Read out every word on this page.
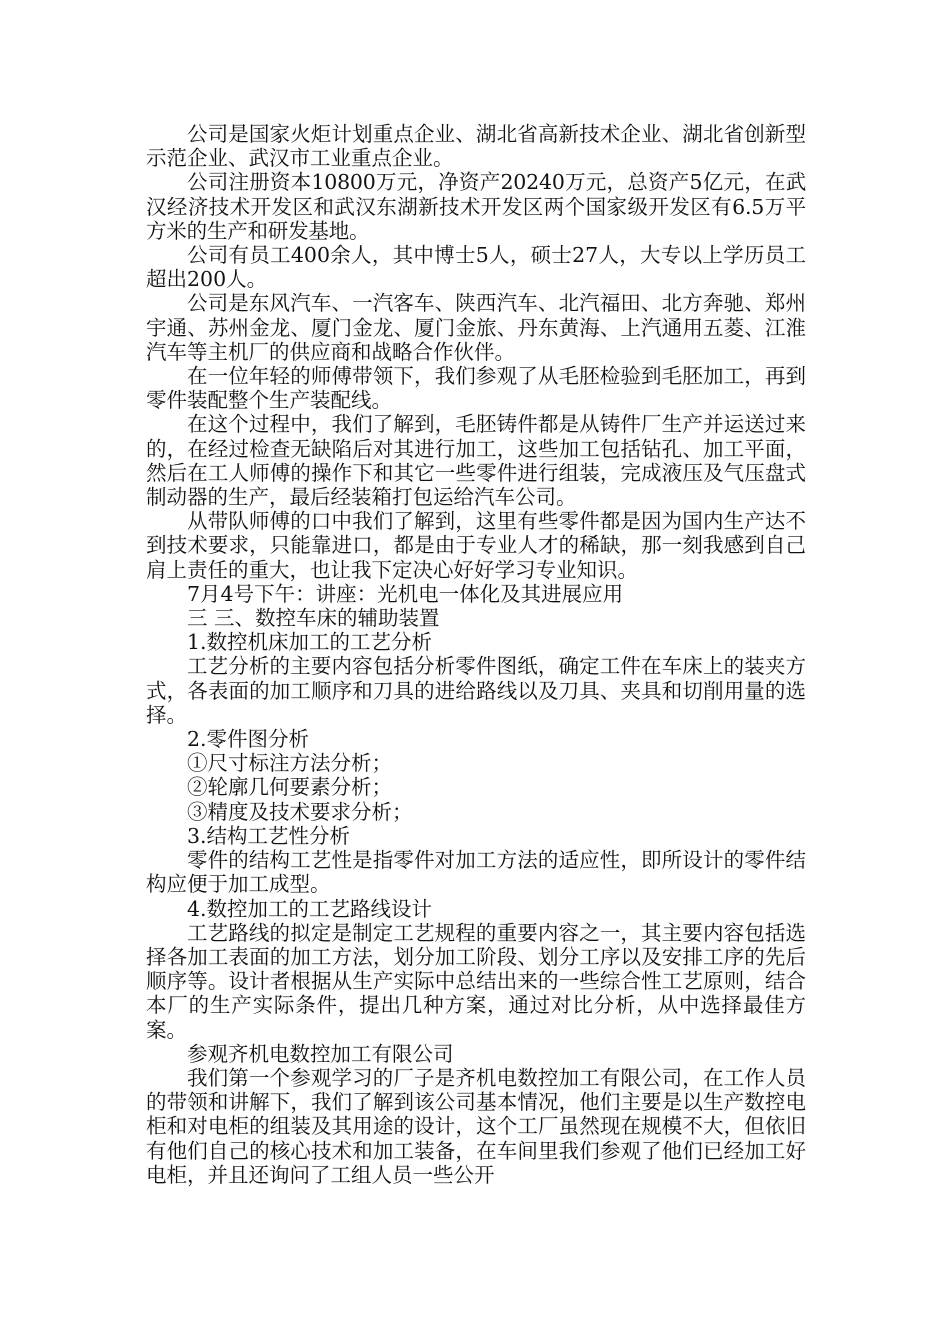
公司是国家火炬计划重点企业、湖北省高新技术企业、湖北省创新型示范企业、武汉市工业重点企业。

公司注册资本10800万元，净资产20240万元，总资产5亿元，在武汉经济技术开发区和武汉东湖新技术开发区两个国家级开发区有6.5万平方米的生产和研发基地。

公司有员工400余人，其中博士5人，硕士27人，大专以上学历员工超出200人。

公司是东风汽车、一汽客车、陕西汽车、北汽福田、北方奔驰、郑州宇通、苏州金龙、厦门金龙、厦门金旅、丹东黄海、上汽通用五菱、江淮汽车等主机厂的供应商和战略合作伙伴。

在一位年轻的师傅带领下，我们参观了从毛胚检验到毛胚加工，再到零件装配整个生产装配线。

在这个过程中，我们了解到，毛胚铸件都是从铸件厂生产并运送过来的，在经过检查无缺陷后对其进行加工，这些加工包括钻孔、加工平面，然后在工人师傅的操作下和其它一些零件进行组装，完成液压及气压盘式制动器的生产，最后经装箱打包运给汽车公司。

从带队师傅的口中我们了解到，这里有些零件都是因为国内生产达不到技术要求，只能靠进口，都是由于专业人才的稀缺，那一刻我感到自己肩上责任的重大，也让我下定决心好好学习专业知识。

7月4号下午：讲座：光机电一体化及其进展应用

三 三、数控车床的辅助装置

1.数控机床加工的工艺分析

工艺分析的主要内容包括分析零件图纸，确定工件在车床上的装夹方式，各表面的加工顺序和刀具的进给路线以及刀具、夹具和切削用量的选择。

2.零件图分析

①尺寸标注方法分析；

②轮廓几何要素分析；

③精度及技术要求分析；

3.结构工艺性分析

零件的结构工艺性是指零件对加工方法的适应性，即所设计的零件结构应便于加工成型。

4.数控加工的工艺路线设计

工艺路线的拟定是制定工艺规程的重要内容之一，其主要内容包括选择各加工表面的加工方法，划分加工阶段、划分工序以及安排工序的先后顺序等。设计者根据从生产实际中总结出来的一些综合性工艺原则，结合本厂的生产实际条件，提出几种方案，通过对比分析，从中选择最佳方案。

参观齐机电数控加工有限公司

我们第一个参观学习的厂子是齐机电数控加工有限公司，在工作人员的带领和讲解下，我们了解到该公司基本情况，他们主要是以生产数控电柜和对电柜的组装及其用途的设计，这个工厂虽然现在规模不大，但依旧有他们自己的核心技术和加工装备，在车间里我们参观了他们已经加工好电柜，并且还询问了工组人员一些公开
